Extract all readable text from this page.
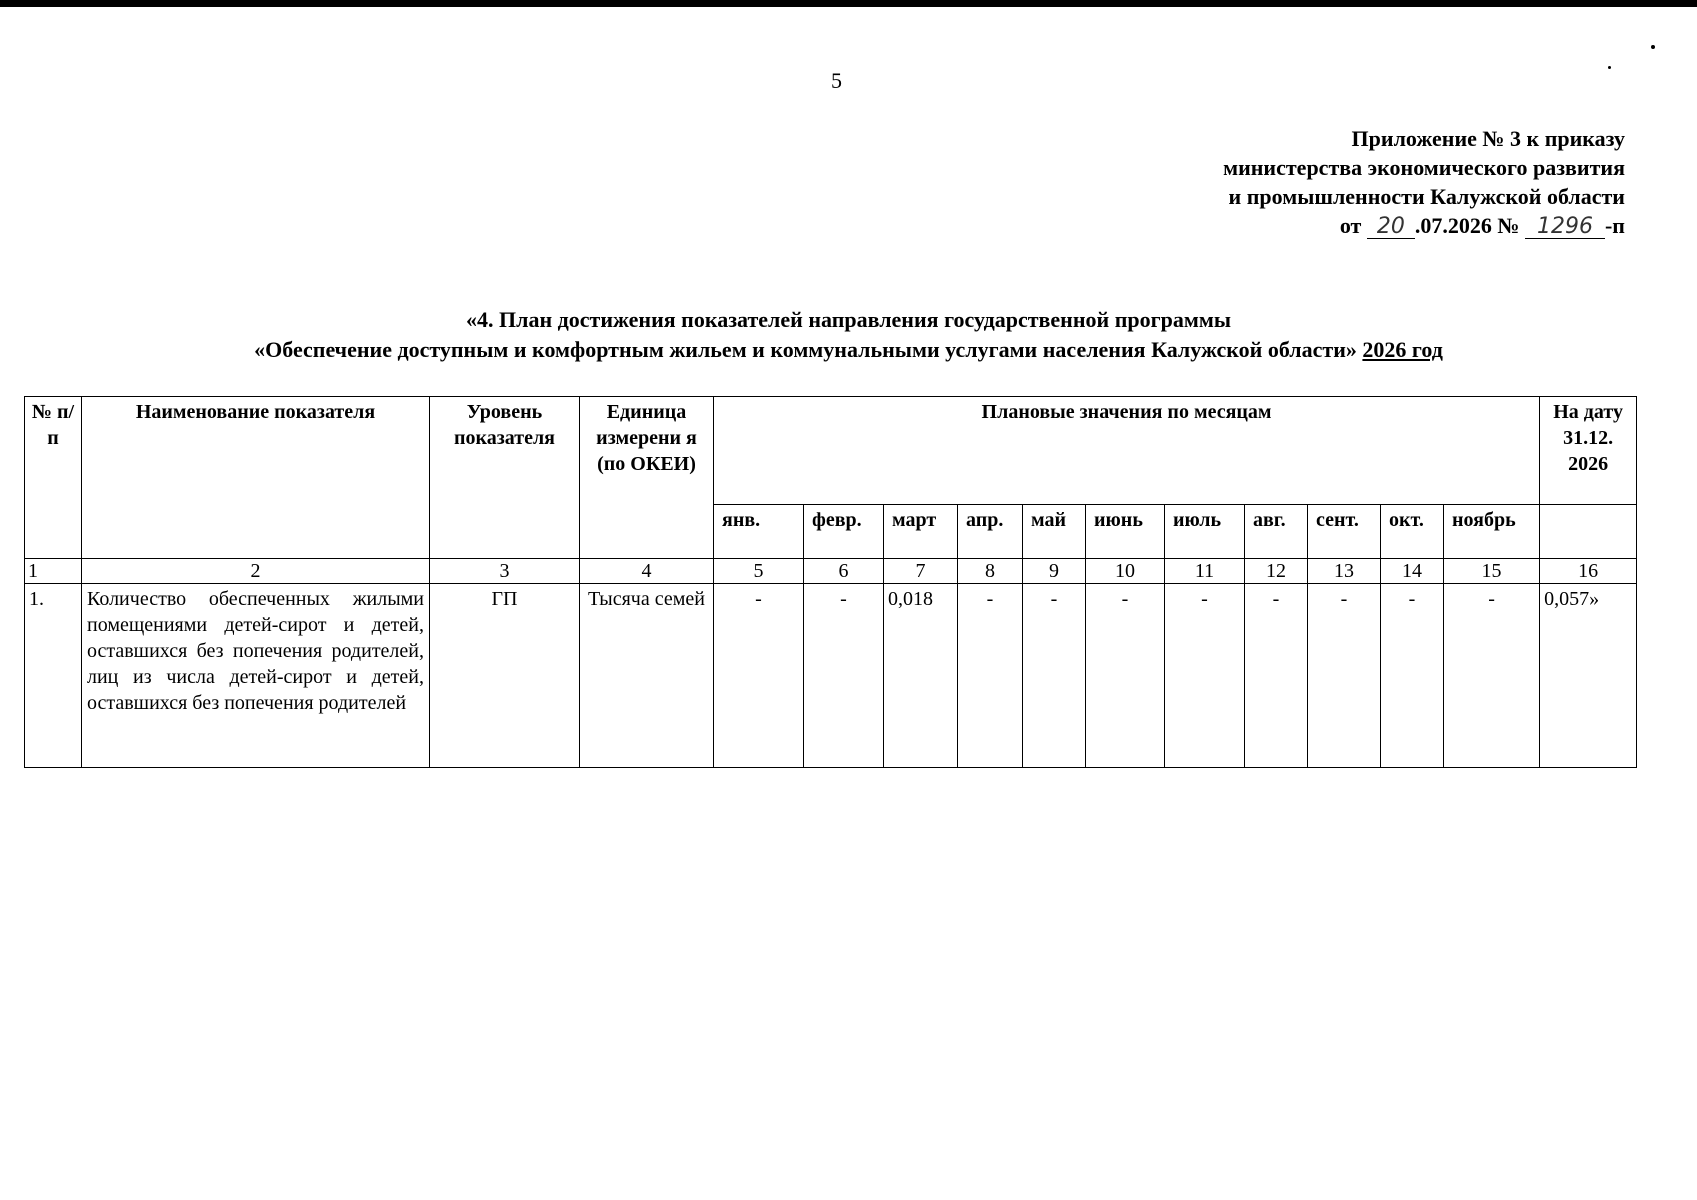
5
Приложение № 3 к приказу
министерства экономического развития
и промышленности Калужской области
от 20 .07.2026 № 1296 -п
«4. План достижения показателей направления государственной программы
«Обеспечение доступным и комфортным жильем и коммунальными услугами населения Калужской области» 2026 год
№ п/п	Наименование показателя	Уровень показателя	Единица измерени я (по ОКЕИ)	Плановые значения по месяцам											На дату 31.12. 2026
				янв.	февр.	март	апр.	май	июнь	июль	авг.	сент.	окт.	ноябрь	
1	2	3	4	5	6	7	8	9	10	11	12	13	14	15	16
1.	Количество обеспеченных жилыми помещениями детей-сирот и детей, оставшихся без попечения родителей, лиц из числа детей-сирот и детей, оставшихся без попечения родителей	ГП	Тысяча семей	-	-	0,018	-	-	-	-	-	-	-	-	0,057»
